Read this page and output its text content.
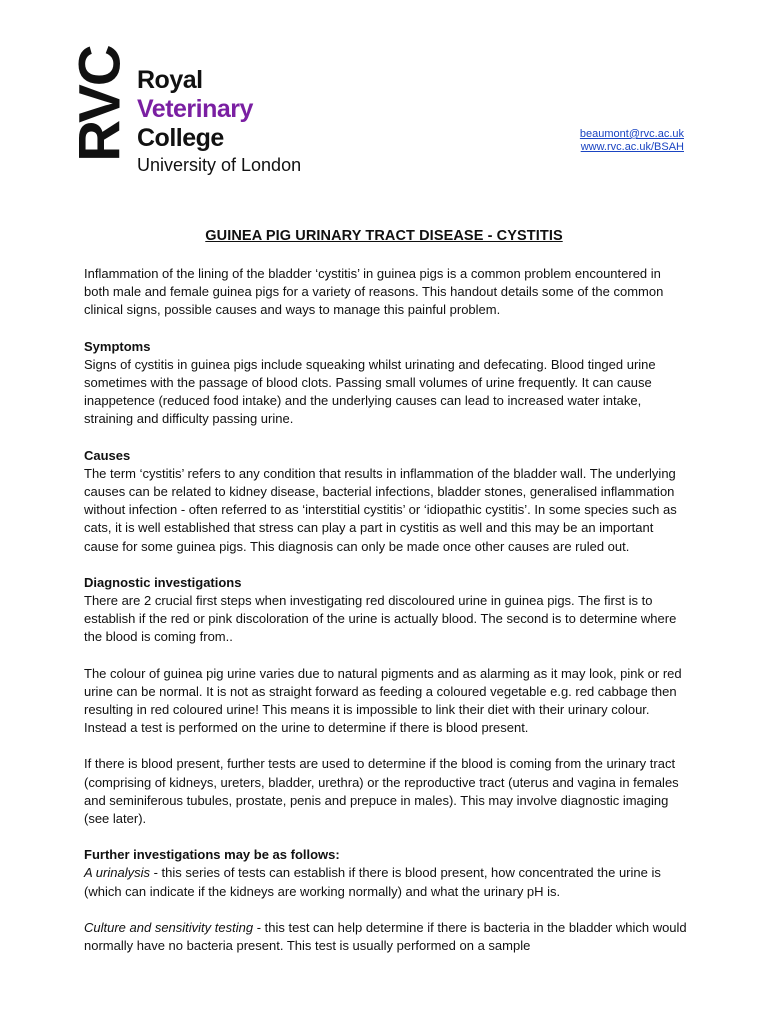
RVC Royal
Veterinary
College
University of London
beaumont@rvc.ac.uk
www.rvc.ac.uk/BSAH
GUINEA PIG URINARY TRACT DISEASE - CYSTITIS

Inflammation of the lining of the bladder ‘cystitis’ in guinea pigs is a common problem encountered in both male and female guinea pigs for a variety of reasons. This handout details some of the common clinical signs, possible causes and ways to manage this painful problem.

Symptoms

Signs of cystitis in guinea pigs include squeaking whilst urinating and defecating. Blood tinged urine sometimes with the passage of blood clots. Passing small volumes of urine frequently. It can cause inappetence (reduced food intake) and the underlying causes can lead to increased water intake, straining and difficulty passing urine.

Causes

The term ‘cystitis’ refers to any condition that results in inflammation of the bladder wall. The underlying causes can be related to kidney disease, bacterial infections, bladder stones, generalised inflammation without infection - often referred to as ‘interstitial cystitis’ or ‘idiopathic cystitis’. In some species such as cats, it is well established that stress can play a part in cystitis as well and this may be an important cause for some guinea pigs. This diagnosis can only be made once other causes are ruled out.

Diagnostic investigations

There are 2 crucial first steps when investigating red discoloured urine in guinea pigs. The first is to establish if the red or pink discoloration of the urine is actually blood. The second is to determine where the blood is coming from..

The colour of guinea pig urine varies due to natural pigments and as alarming as it may look, pink or red urine can be normal. It is not as straight forward as feeding a coloured vegetable e.g. red cabbage then resulting in red coloured urine! This means it is impossible to link their diet with their urinary colour. Instead a test is performed on the urine to determine if there is blood present.

If there is blood present, further tests are used to determine if the blood is coming from the urinary tract (comprising of kidneys, ureters, bladder, urethra) or the reproductive tract (uterus and vagina in females and seminiferous tubules, prostate, penis and prepuce in males). This may involve diagnostic imaging (see later).

Further investigations may be as follows:

A urinalysis - this series of tests can establish if there is blood present, how concentrated the urine is (which can indicate if the kidneys are working normally) and what the urinary pH is.

Culture and sensitivity testing - this test can help determine if there is bacteria in the bladder which would normally have no bacteria present. This test is usually performed on a sample
